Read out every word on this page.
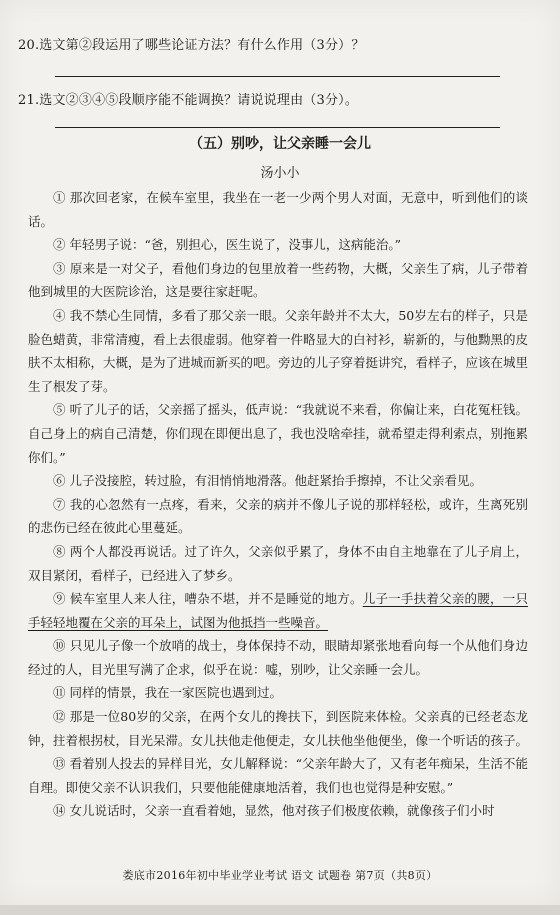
20.选文第②段运用了哪些论证方法？有什么作用（3分）？
21.选文②③④⑤段顺序能不能调换？请说说理由（3分）。
（五）别吵，让父亲睡一会儿
汤小小

① 那次回老家，在候车室里，我坐在一老一少两个男人对面，无意中，听到他们的谈话。

② 年轻男子说：“爸，别担心，医生说了，没事儿，这病能治。”

③ 原来是一对父子，看他们身边的包里放着一些药物，大概，父亲生了病，儿子带着他到城里的大医院诊治，这是要往家赶呢。

④ 我不禁心生同情，多看了那父亲一眼。父亲年龄并不太大，50岁左右的样子，只是脸色蜡黄，非常清瘦，看上去很虚弱。他穿着一件略显大的白衬衫，崭新的，与他黝黑的皮肤不太相称，大概，是为了进城而新买的吧。旁边的儿子穿着挺讲究，看样子，应该在城里生了根发了芽。

⑤ 听了儿子的话，父亲摇了摇头，低声说：“我就说不来看，你偏让来，白花冤枉钱。自己身上的病自己清楚，你们现在即便出息了，我也没啥牵挂，就希望走得利索点，别拖累你们。”

⑥ 儿子没接腔，转过脸，有泪悄悄地滑落。他赶紧抬手擦掉，不让父亲看见。

⑦ 我的心忽然有一点疼，看来，父亲的病并不像儿子说的那样轻松，或许，生离死别的悲伤已经在彼此心里蔓延。

⑧ 两个人都没再说话。过了许久，父亲似乎累了，身体不由自主地靠在了儿子肩上，双目紧闭，看样子，已经进入了梦乡。

⑨ 候车室里人来人往，嘈杂不堪，并不是睡觉的地方。儿子一手扶着父亲的腰，一只手轻轻地覆在父亲的耳朵上，试图为他抵挡一些噪音。

⑩ 只见儿子像一个放哨的战士，身体保持不动，眼睛却紧张地看向每一个从他们身边经过的人，目光里写满了企求，似乎在说：嘘，别吵，让父亲睡一会儿。

⑪ 同样的情景，我在一家医院也遇到过。

⑫ 那是一位80岁的父亲，在两个女儿的搀扶下，到医院来体检。父亲真的已经老态龙钟，拄着根拐杖，目光呆滞。女儿扶他走他便走，女儿扶他坐他便坐，像一个听话的孩子。

⑬ 看着别人投去的异样目光，女儿解释说：“父亲年龄大了，又有老年痴呆，生活不能自理。即使父亲不认识我们，只要他能健康地活着，我们也也觉得是种安慰。”

⑭ 女儿说话时，父亲一直看着她，显然，他对孩子们极度依赖，就像孩子们小时

娄底市2016年初中毕业学业考试 语文 试题卷 第7页（共8页）
